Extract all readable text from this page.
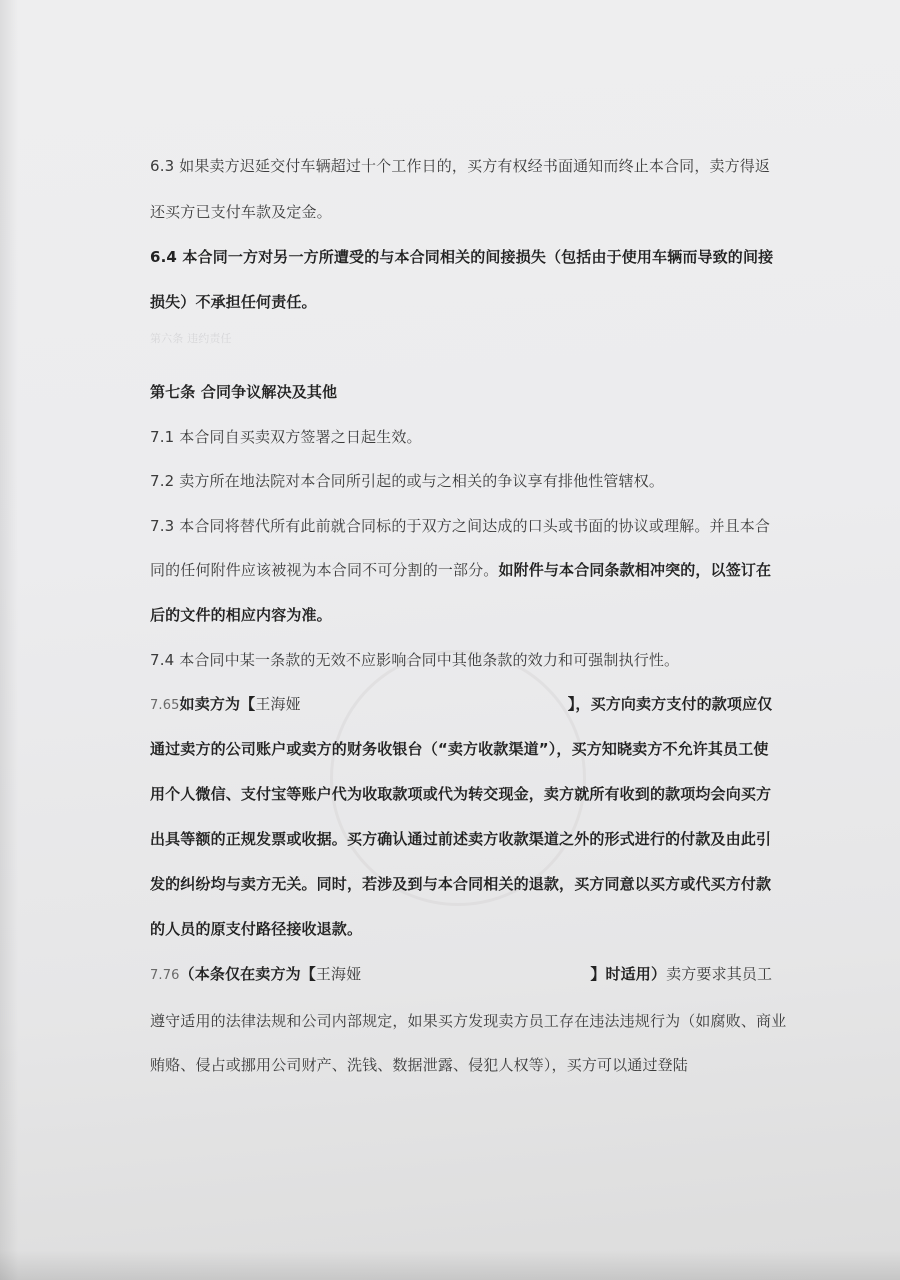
6.3 如果卖方迟延交付车辆超过十个工作日的，买方有权经书面通知而终止本合同，卖方得返
还买方已支付车款及定金。
6.4 本合同一方对另一方所遭受的与本合同相关的间接损失（包括由于使用车辆而导致的间接
损失）不承担任何责任。
第六条 违约责任
第七条 合同争议解决及其他
7.1 本合同自买卖双方签署之日起生效。
7.2 卖方所在地法院对本合同所引起的或与之相关的争议享有排他性管辖权。
7.3 本合同将替代所有此前就合同标的于双方之间达成的口头或书面的协议或理解。并且本合
同的任何附件应该被视为本合同不可分割的一部分。如附件与本合同条款相冲突的，以签订在
后的文件的相应内容为准。
7.4 本合同中某一条款的无效不应影响合同中其他条款的效力和可强制执行性。
7.65如卖方为【王海娅	】，买方向卖方支付的款项应仅
通过卖方的公司账户或卖方的财务收银台（“卖方收款渠道”），买方知晓卖方不允许其员工使
用个人微信、支付宝等账户代为收取款项或代为转交现金，卖方就所有收到的款项均会向买方
出具等额的正规发票或收据。买方确认通过前述卖方收款渠道之外的形式进行的付款及由此引
发的纠纷均与卖方无关。同时，若涉及到与本合同相关的退款，买方同意以买方或代买方付款
的人员的原支付路径接收退款。
7.76（本条仅在卖方为【王海娅	】时适用）卖方要求其员工
遵守适用的法律法规和公司内部规定，如果买方发现卖方员工存在违法违规行为（如腐败、商业
贿赂、侵占或挪用公司财产、洗钱、数据泄露、侵犯人权等），买方可以通过登陆
